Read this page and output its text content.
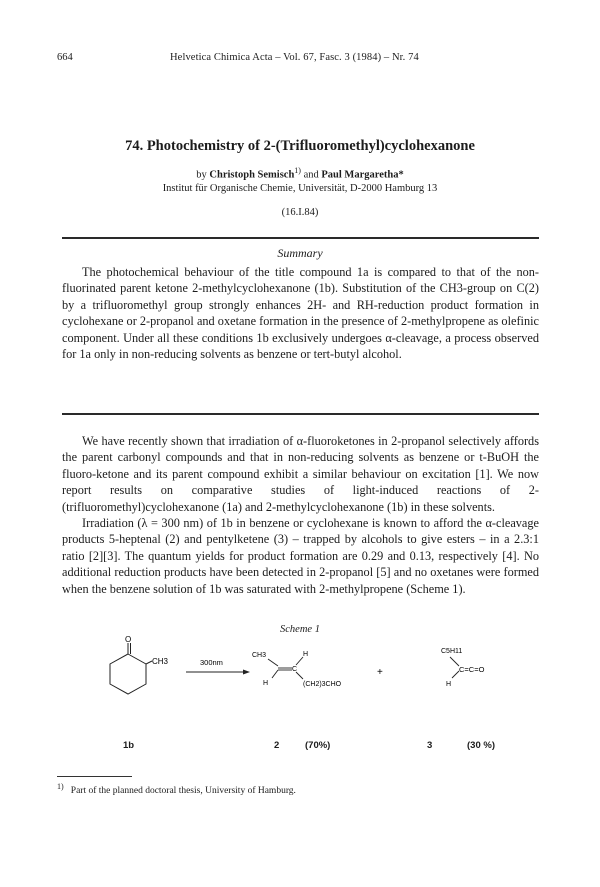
664	Helvetica Chimica Acta – Vol. 67, Fasc. 3 (1984) – Nr. 74
74. Photochemistry of 2-(Trifluoromethyl)cyclohexanone
by Christoph Semisch$^{1)}$ and Paul Margaretha*
Institut für Organische Chemie, Universität, D-2000 Hamburg 13
(16.I.84)
Summary

The photochemical behaviour of the title compound 1a is compared to that of the non-fluorinated parent ketone 2-methylcyclohexanone (1b). Substitution of the CH3-group on C(2) by a trifluoromethyl group strongly enhances 2H- and RH-reduction product formation in cyclohexane or 2-propanol and oxetane formation in the presence of 2-methylpropene as olefinic component. Under all these conditions 1b exclusively undergoes α-cleavage, a process observed for 1a only in non-reducing solvents as benzene or tert-butyl alcohol.

We have recently shown that irradiation of α-fluoroketones in 2-propanol selectively affords the parent carbonyl compounds and that in non-reducing solvents as benzene or t-BuOH the fluoro-ketone and its parent compound exhibit a similar behaviour on excitation [1]. We now report results on comparative studies of light-induced reactions of 2-(trifluoromethyl)cyclohexanone (1a) and 2-methylcyclohexanone (1b) in these solvents.

Irradiation (λ = 300 nm) of 1b in benzene or cyclohexane is known to afford the α-cleavage products 5-heptenal (2) and pentylketene (3) – trapped by alcohols to give esters – in a 2.3:1 ratio [2][3]. The quantum yields for product formation are 0.29 and 0.13, respectively [4]. No additional reduction products have been detected in 2-propanol [5] and no oxetanes were formed when the benzene solution of 1b was saturated with 2-methylpropene (Scheme 1).

Scheme 1
O
CH3	300nm
CH3	H
C
H	(CH2)3CHO
+
C5H11
C=C=O
H
1b	2	(70%)	3	(30 %)
$^{1)}$ Part of the planned doctoral thesis, University of Hamburg.
